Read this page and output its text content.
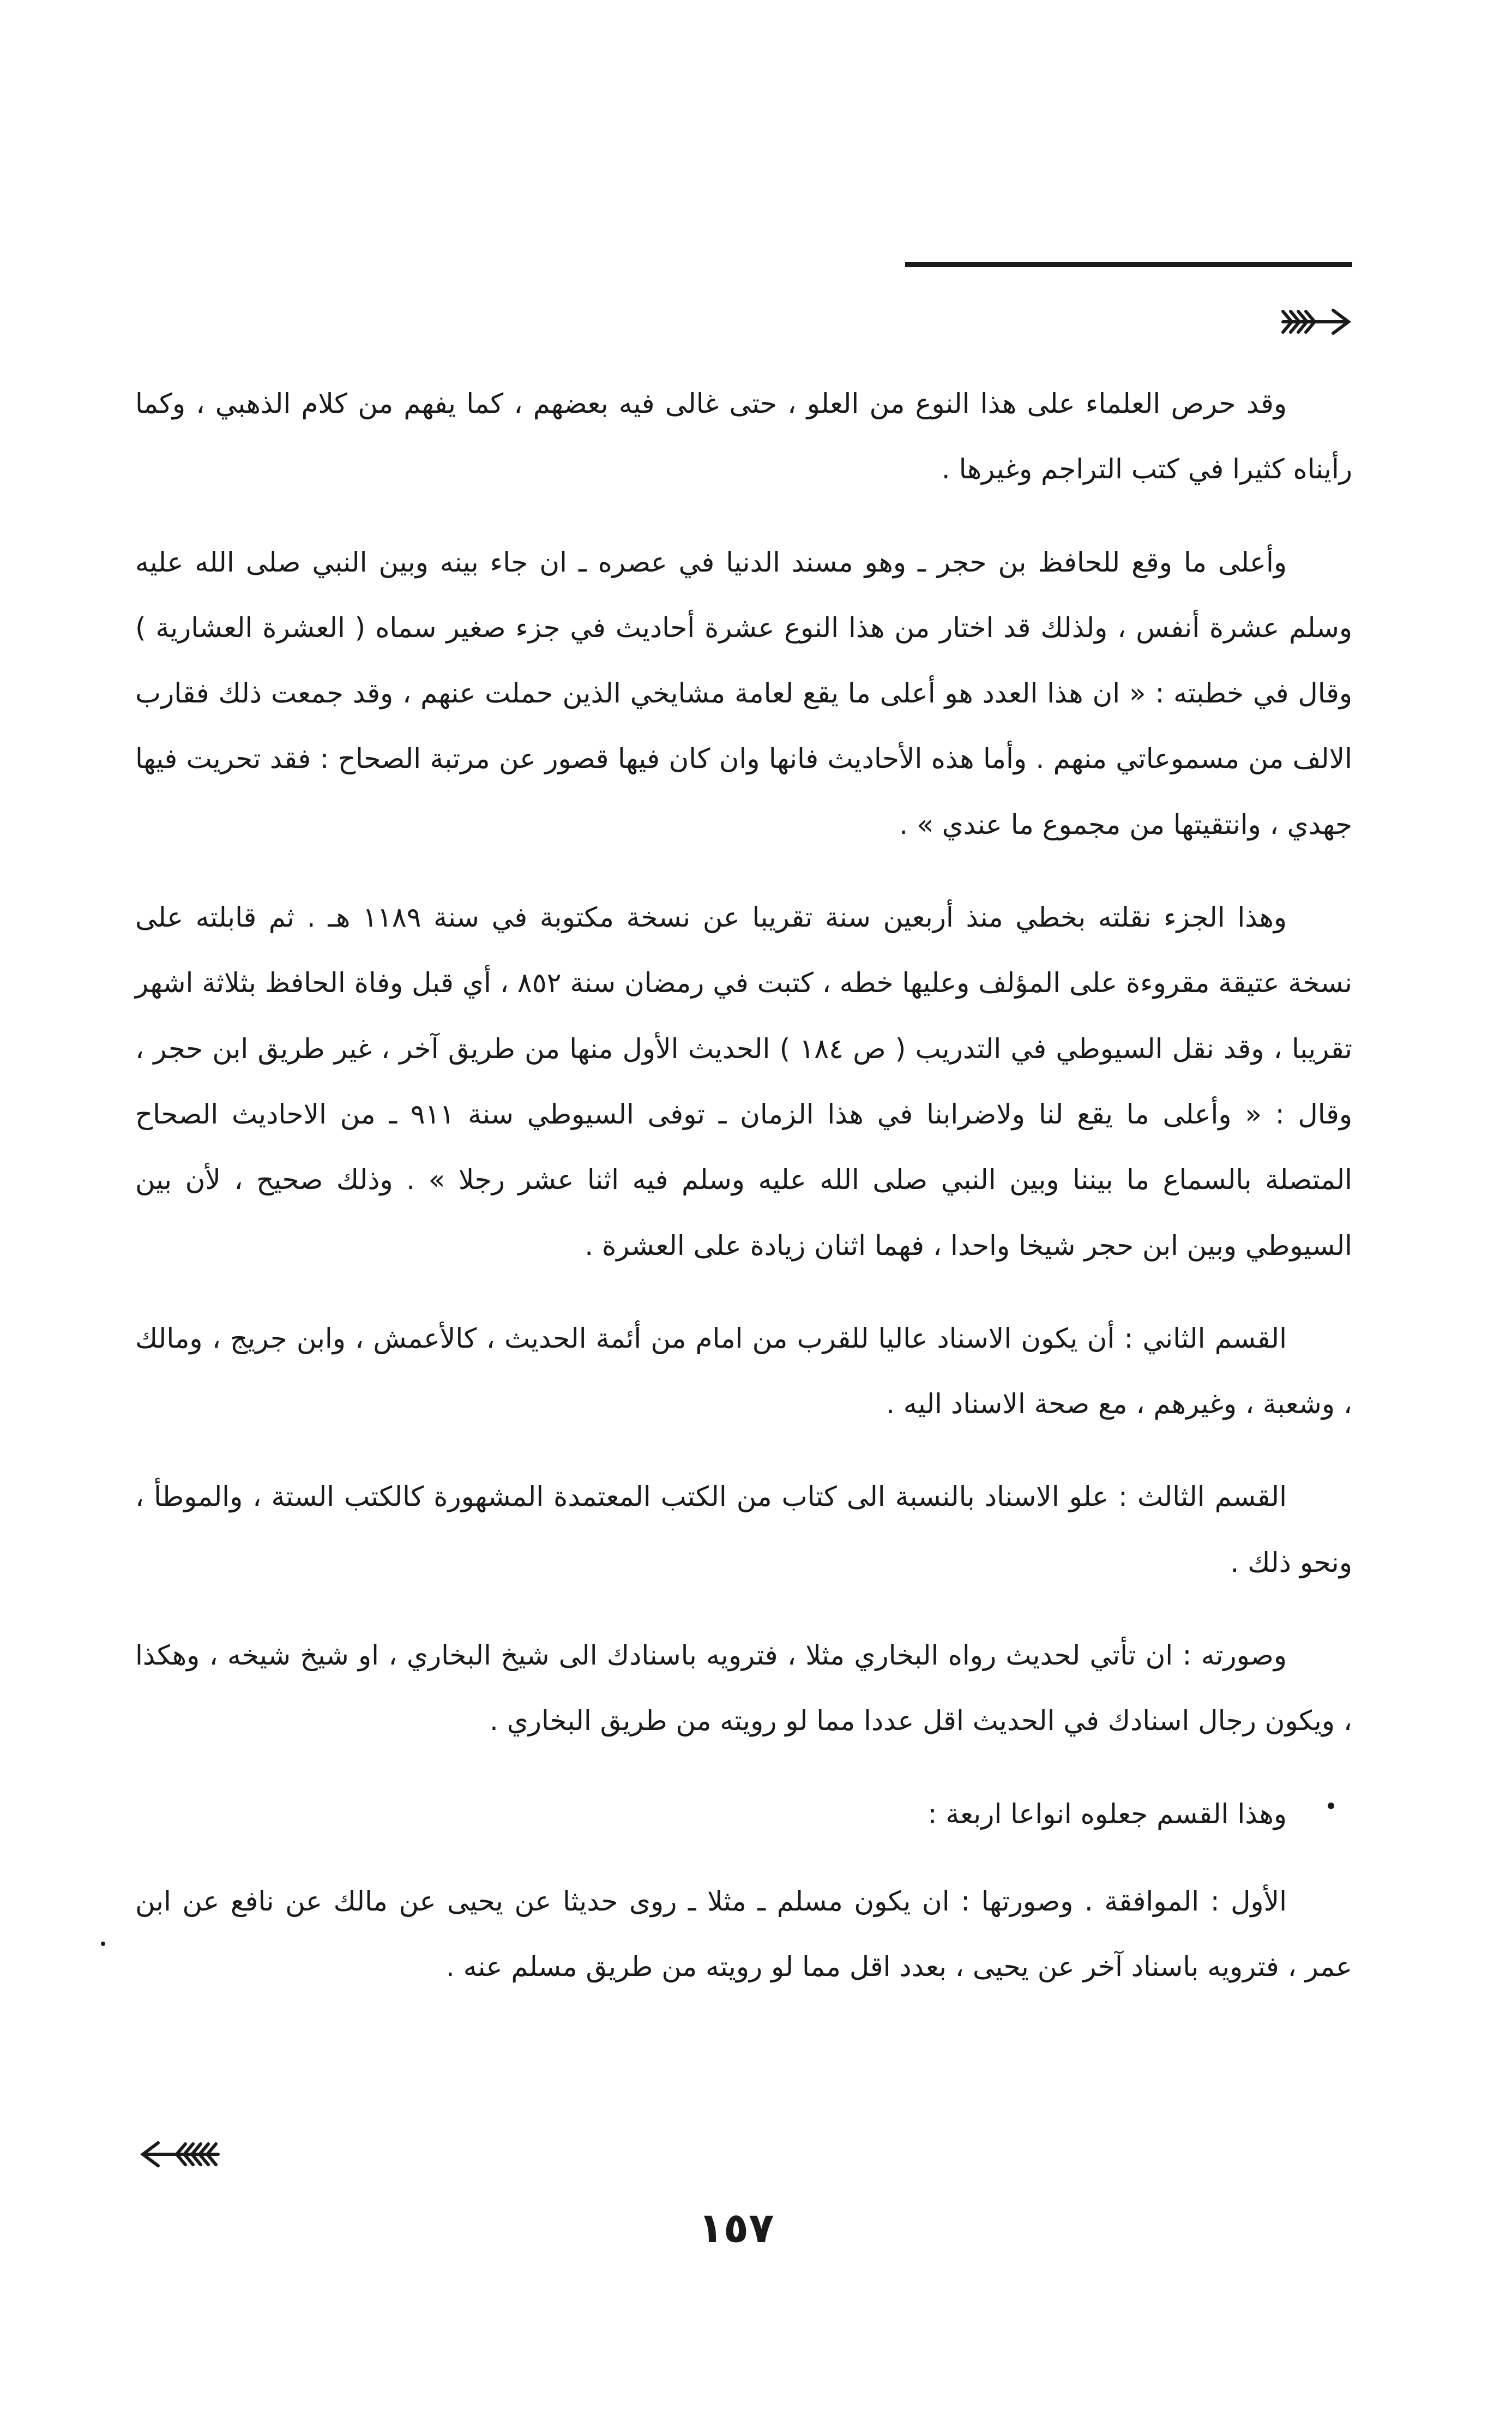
وقد حرص العلماء على هذا النوع من العلو ، حتى غالى فيه بعضهم ، كما يفهم من كلام الذهبي ، وكما رأيناه كثيرا في كتب التراجم وغيرها .

وأعلى ما وقع للحافظ بن حجر ـ وهو مسند الدنيا في عصره ـ ان جاء بينه وبين النبي صلى الله عليه وسلم عشرة أنفس ، ولذلك قد اختار من هذا النوع عشرة أحاديث في جزء صغير سماه ( العشرة العشارية ) وقال في خطبته : « ان هذا العدد هو أعلى ما يقع لعامة مشايخي الذين حملت عنهم ، وقد جمعت ذلك فقارب الالف من مسموعاتي منهم . وأما هذه الأحاديث فانها وان كان فيها قصور عن مرتبة الصحاح : فقد تحريت فيها جهدي ، وانتقيتها من مجموع ما عندي » .

وهذا الجزء نقلته بخطي منذ أربعين سنة تقريبا عن نسخة مكتوبة في سنة ١١٨٩ هـ . ثم قابلته على نسخة عتيقة مقروءة على المؤلف وعليها خطه ، كتبت في رمضان سنة ٨٥٢ ، أي قبل وفاة الحافظ بثلاثة اشهر تقريبا ، وقد نقل السيوطي في التدريب ( ص ١٨٤ ) الحديث الأول منها من طريق آخر ، غير طريق ابن حجر ، وقال : « وأعلى ما يقع لنا ولاضرابنا في هذا الزمان ـ توفى السيوطي سنة ٩١١ ـ من الاحاديث الصحاح المتصلة بالسماع ما بيننا وبين النبي صلى الله عليه وسلم فيه اثنا عشر رجلا » . وذلك صحيح ، لأن بين السيوطي وبين ابن حجر شيخا واحدا ، فهما اثنان زيادة على العشرة .

القسم الثاني : أن يكون الاسناد عاليا للقرب من امام من أئمة الحديث ، كالأعمش ، وابن جريج ، ومالك ، وشعبة ، وغيرهم ، مع صحة الاسناد اليه .

القسم الثالث : علو الاسناد بالنسبة الى كتاب من الكتب المعتمدة المشهورة كالكتب الستة ، والموطأ ، ونحو ذلك .

وصورته : ان تأتي لحديث رواه البخاري مثلا ، فترويه باسنادك الى شيخ البخاري ، او شيخ شيخه ، وهكذا ، ويكون رجال اسنادك في الحديث اقل عددا مما لو رويته من طريق البخاري .

وهذا القسم جعلوه انواعا اربعة :

الأول : الموافقة . وصورتها : ان يكون مسلم ـ مثلا ـ روى حديثا عن يحيى عن مالك عن نافع عن ابن عمر ، فترويه باسناد آخر عن يحيى ، بعدد اقل مما لو رويته من طريق مسلم عنه .

١٥٧
